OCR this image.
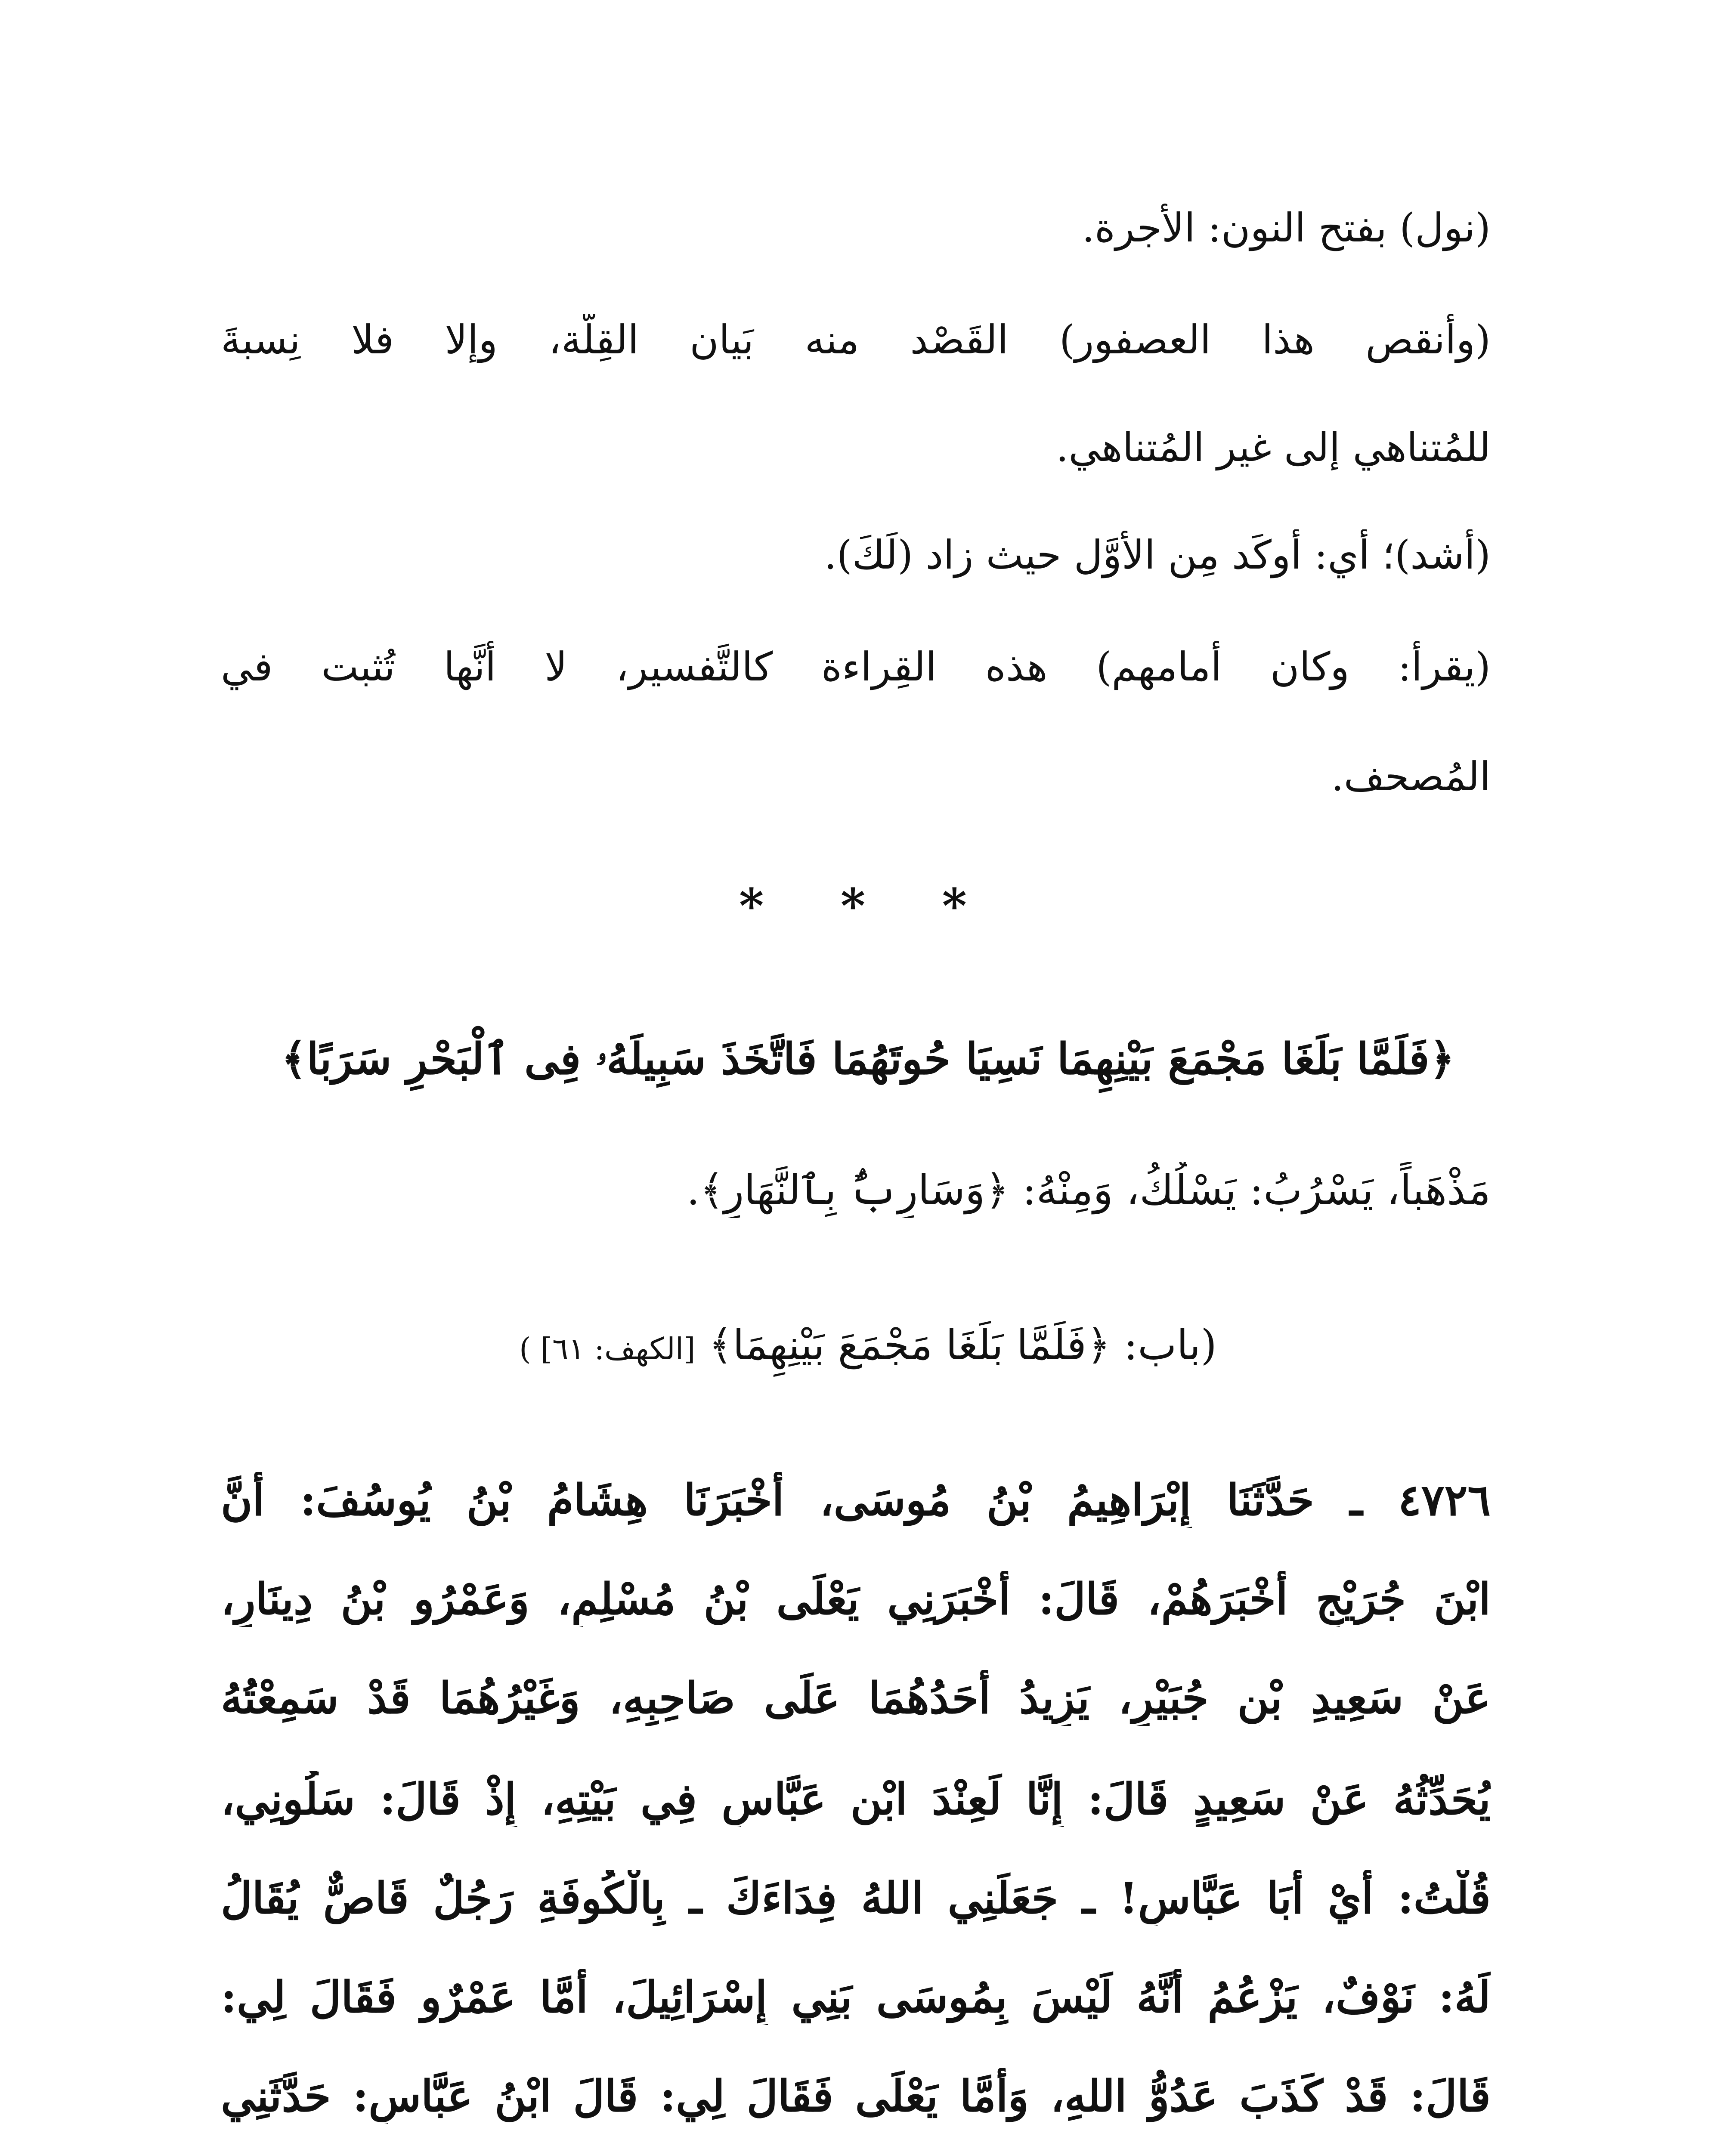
(نول) بفتح النون: الأُجرة.
(وأنقص هذا العصفور) القَصْد منه بَيان القِلَّة، وإلا فلا نِسبةَ
للمُتناهي إلى غير المُتناهي.
(أشد)؛ أي: أَوكَد مِن الأَوَّل حيث زاد (لَكَ).
(يقرأ: وكان أمامهم) هذه القِراءة كالتَّفسير، لا أنَّها تُثبت في
المُصحف.
* * *
﴿فَلَمَّا بَلَغَا مَجْمَعَ بَيْنِهِمَا نَسِيَا حُوتَهُمَا فَاتَّخَذَ سَبِيلَهُۥ فِى ٱلْبَحْرِ سَرَبًا﴾
مَذْهَباً، يَسْرُبُ: يَسْلُكُ، وَمِنْهُ: ﴿وَسَارِبٌۢ بِٱلنَّهَارِ﴾.
(باب: ﴿فَلَمَّا بَلَغَا مَجْمَعَ بَيْنِهِمَا﴾ [الكهف: ٦١] )
٤٧٢٦ ـ حَدَّثَنَا إِبْرَاهِيمُ بْنُ مُوسَى، أَخْبَرَنَا هِشَامُ بْنُ يُوسُفَ: أَنَّ
ابْنَ جُرَيْجٍ أَخْبَرَهُمْ، قَالَ: أَخْبَرَنِي يَعْلَى بْنُ مُسْلِمٍ، وَعَمْرُو بْنُ دِينَارٍ،
عَنْ سَعِيدِ بْنِ جُبَيْرٍ، يَزِيدُ أَحَدُهُمَا عَلَى صَاحِبِهِ، وَغَيْرُهُمَا قَدْ سَمِعْتُهُ
يُحَدِّثُهُ عَنْ سَعِيدٍ قَالَ: إِنَّا لَعِنْدَ ابْنِ عَبَّاسٍ فِي بَيْتِهِ، إِذْ قَالَ: سَلُونِي،
قُلْتُ: أَيْ أَبَا عَبَّاسٍ! ـ جَعَلَنِي اللهُ فِدَاءَكَ ـ بِالْكُوفَةِ رَجُلٌ قَاصٌّ يُقَالُ
لَهُ: نَوْفٌ، يَزْعُمُ أَنَّهُ لَيْسَ بِمُوسَى بَنِي إِسْرَائِيلَ، أَمَّا عَمْرٌو فَقَالَ لِي:
قَالَ: قَدْ كَذَبَ عَدُوُّ اللهِ، وَأَمَّا يَعْلَى فَقَالَ لِي: قَالَ ابْنُ عَبَّاسٍ: حَدَّثَنِي
